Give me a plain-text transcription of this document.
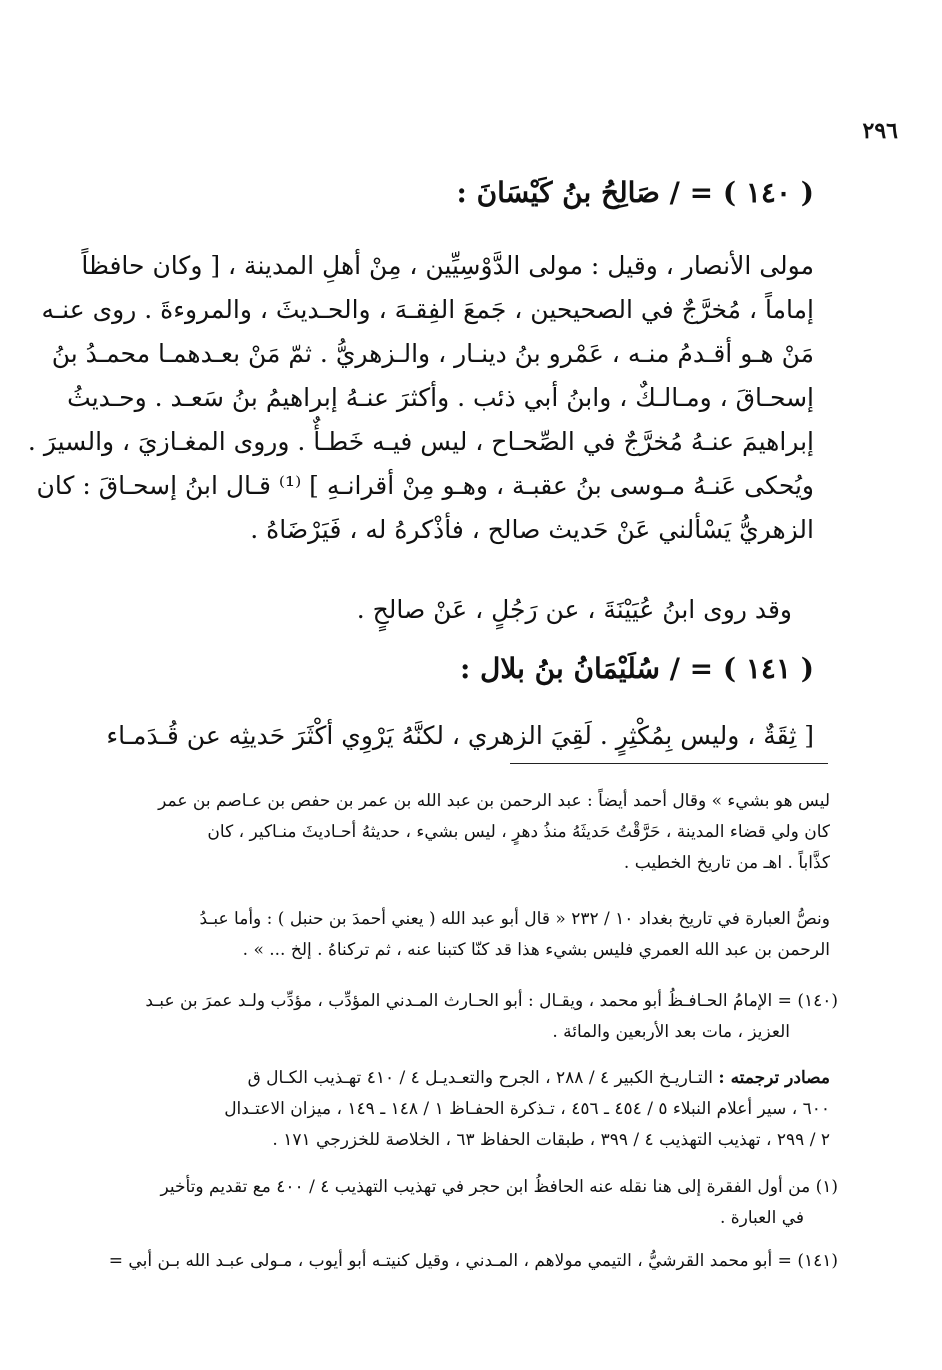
٢٩٦
( ١٤٠ ) = / صَالِحُ بنُ كَيْسَانَ :
مولى الأنصار ، وقيل : مولى الدَّوْسِيِّين ، مِنْ أهلِ المدينة ، [ وكان حافظاً
إماماً ، مُخرَّجٌ في الصحيحين ، جَمعَ الفِقـهَ ، والحـديثَ ، والمروءةَ . روى عنـه
مَنْ هـو أقـدمُ منـه ، عَمْرو بنُ دينـار ، والـزهريُّ . ثمّ مَنْ بعـدهمـا محمـدُ بنُ
إسحـاقَ ، ومـالـكٌ ، وابنُ أبي ذئب . وأكثرَ عنـهُ إبراهيمُ بنُ سَعـد . وحـديثُ
إبراهيمَ عنـهُ مُخرَّجٌ في الصِّحـاح ، ليس فيـه خَطـأٌ . وروى المغـازيَ ، والسيرَ .
ويُحكى عَنـهُ مـوسى بنُ عقبـة ، وهـو مِنْ أقرانـهِ ] ⁽¹⁾ قـال ابنُ إسحـاقَ : كان
الزهريُّ يَسْألني عَنْ حَديث صالح ، فأذْكرهُ له ، فَيَرْضَاهُ .
وقد روى ابنُ عُيَيْنَةَ ، عن رَجُلٍ ، عَنْ صالحٍ .
( ١٤١ ) = / سُلَيْمَانُ بنُ بلال :
[ ثِقَةٌ ، وليس بِمُكْثِرٍ . لَقِيَ الزهري ، لكنَّهُ يَرْوِي أكْثَرَ حَديثِه عن قُـدَمـاء
ليس هو بشيء » وقال أحمد أيضاً : عبد الرحمن بن عبد الله بن عمر بن حفص بن عـاصم بن عمر
كان ولي قضاء المدينة ، حَرَّقْتُ حَديثَهُ منذُ دهرٍ ، ليس بشيء ، حديثهُ أحـاديثَ منـاكير ، كان
كذَّاباً . اهـ من تاريخ الخطيب .
ونصُّ العبارة في تاريخ بغداد ١٠ / ٢٣٢ « قال أبو عبد الله ( يعني أحمدَ بن حنبل ) : وأما عبـدُ
الرحمن بن عبد الله العمري فليس بشيء هذا قد كنّا كتبنا عنه ، ثم تركناهُ . إلخ ... » .
(١٤٠) = الإمامُ الحـافـظُ أبو محمد ، ويقـال : أبو الحـارث المـدني المؤدِّب ، مؤدِّب ولـد عمرَ بن عبـد
العزيز ، مات بعد الأربعين والمائة .
مصادر ترجمته : التـاريـخ الكبير ٤ / ٢٨٨ ، الجرح والتعـديـل ٤ / ٤١٠ تهـذيب الكـال ق
٦٠٠ ، سير أعلام النبلاء ٥ / ٤٥٤ ـ ٤٥٦ ، تـذكرة الحفـاظ ١ / ١٤٨ ـ ١٤٩ ، ميزان الاعتـدال
٢ / ٢٩٩ ، تهذيب التهذيب ٤ / ٣٩٩ ، طبقات الحفاظ ٦٣ ، الخلاصة للخزرجي ١٧١ .
(١) من أول الفقرة إلى هنا نقله عنه الحافظُ ابن حجر في تهذيب التهذيب ٤ / ٤٠٠ مع تقديم وتأخير
في العبارة .
(١٤١) = أبو محمد القرشيُّ ، التيمي مولاهم ، المـدني ، وقيل كنيتـه أبو أيوب ، مـولى عبـد الله بـن أبي =
